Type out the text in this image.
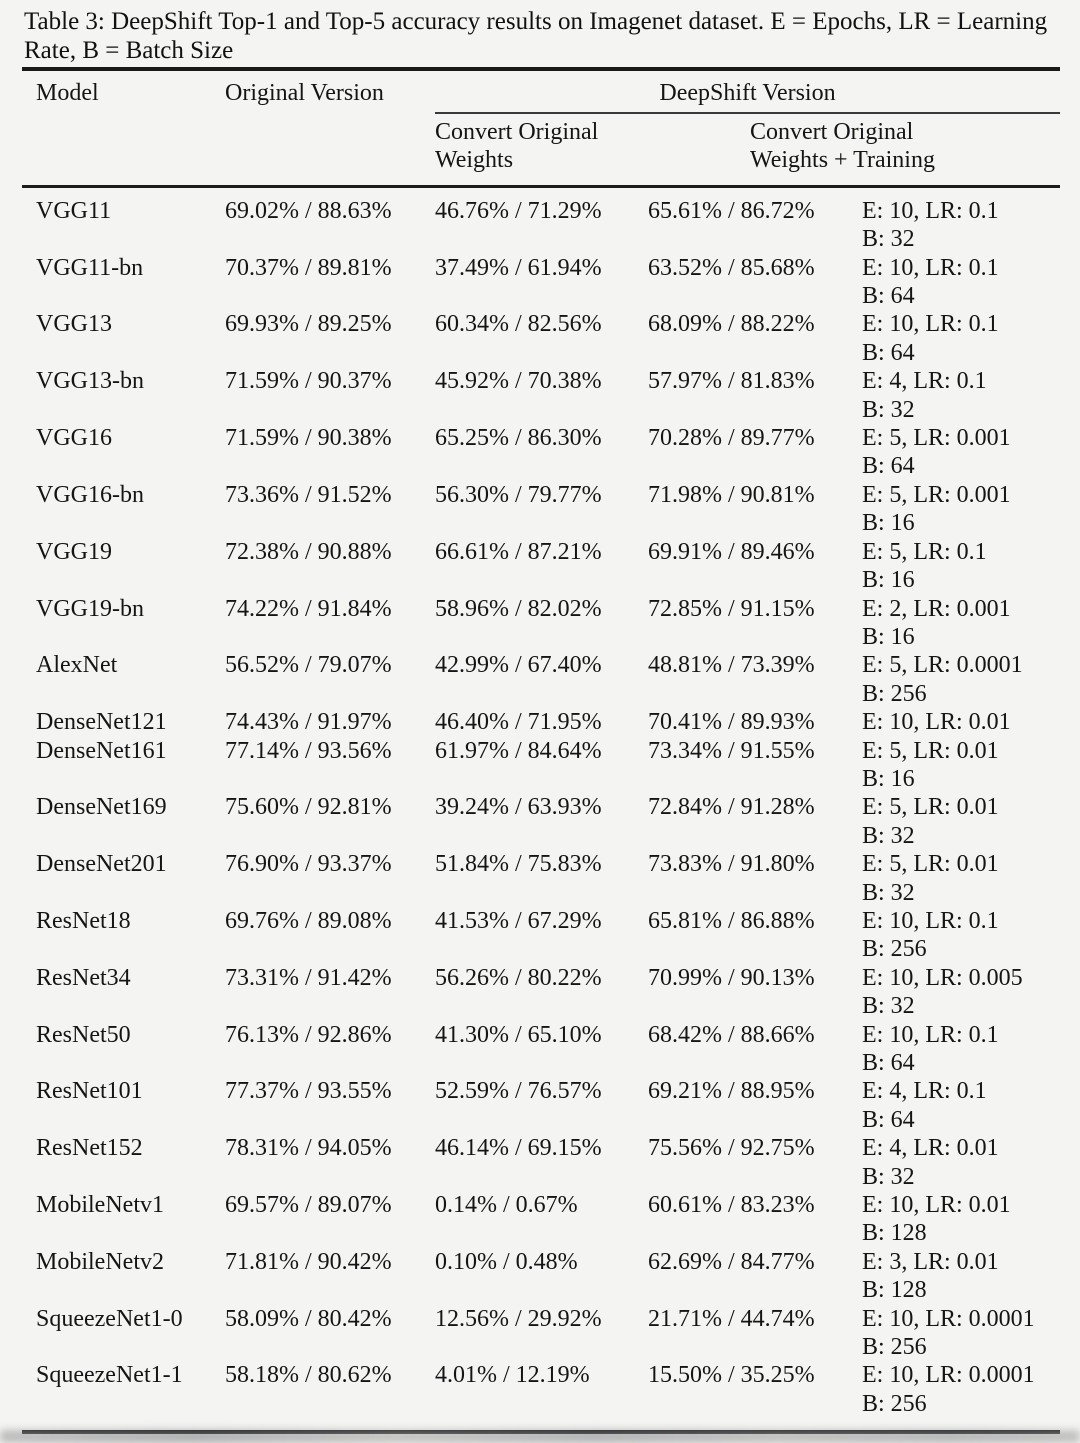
Table 3: DeepShift Top-1 and Top-5 accuracy results on Imagenet dataset. E = Epochs, LR = Learning Rate, B = Batch Size

Model	Original Version	DeepShift Version		
		Convert Original Weights	Convert Original Weights + Training	
VGG11	69.02% / 88.63%	46.76% / 71.29%	65.61% / 86.72%	E: 10, LR: 0.1
B: 32

VGG11-bn	70.37% / 89.81%	37.49% / 61.94%	63.52% / 85.68%	E: 10, LR: 0.1
B: 64

VGG13	69.93% / 89.25%	60.34% / 82.56%	68.09% / 88.22%	E: 10, LR: 0.1
B: 64

VGG13-bn	71.59% / 90.37%	45.92% / 70.38%	57.97% / 81.83%	E: 4, LR: 0.1
B: 32

VGG16	71.59% / 90.38%	65.25% / 86.30%	70.28% / 89.77%	E: 5, LR: 0.001
B: 64

VGG16-bn	73.36% / 91.52%	56.30% / 79.77%	71.98% / 90.81%	E: 5, LR: 0.001
B: 16

VGG19	72.38% / 90.88%	66.61% / 87.21%	69.91% / 89.46%	E: 5, LR: 0.1
B: 16

VGG19-bn	74.22% / 91.84%	58.96% / 82.02%	72.85% / 91.15%	E: 2, LR: 0.001
B: 16

AlexNet	56.52% / 79.07%	42.99% / 67.40%	48.81% / 73.39%	E: 5, LR: 0.0001
B: 256

DenseNet121	74.43% / 91.97%	46.40% / 71.95%	70.41% / 89.93%	E: 10, LR: 0.01

DenseNet161	77.14% / 93.56%	61.97% / 84.64%	73.34% / 91.55%	E: 5, LR: 0.01
B: 16

DenseNet169	75.60% / 92.81%	39.24% / 63.93%	72.84% / 91.28%	E: 5, LR: 0.01
B: 32

DenseNet201	76.90% / 93.37%	51.84% / 75.83%	73.83% / 91.80%	E: 5, LR: 0.01
B: 32

ResNet18	69.76% / 89.08%	41.53% / 67.29%	65.81% / 86.88%	E: 10, LR: 0.1
B: 256

ResNet34	73.31% / 91.42%	56.26% / 80.22%	70.99% / 90.13%	E: 10, LR: 0.005
B: 32

ResNet50	76.13% / 92.86%	41.30% / 65.10%	68.42% / 88.66%	E: 10, LR: 0.1
B: 64

ResNet101	77.37% / 93.55%	52.59% / 76.57%	69.21% / 88.95%	E: 4, LR: 0.1
B: 64

ResNet152	78.31% / 94.05%	46.14% / 69.15%	75.56% / 92.75%	E: 4, LR: 0.01
B: 32

MobileNetv1	69.57% / 89.07%	0.14% / 0.67%	60.61% / 83.23%	E: 10, LR: 0.01
B: 128

MobileNetv2	71.81% / 90.42%	0.10% / 0.48%	62.69% / 84.77%	E: 3, LR: 0.01
B: 128

SqueezeNet1-0	58.09% / 80.42%	12.56% / 29.92%	21.71% / 44.74%	E: 10, LR: 0.0001
B: 256

SqueezeNet1-1	58.18% / 80.62%	4.01% / 12.19%	15.50% / 35.25%	E: 10, LR: 0.0001
B: 256
